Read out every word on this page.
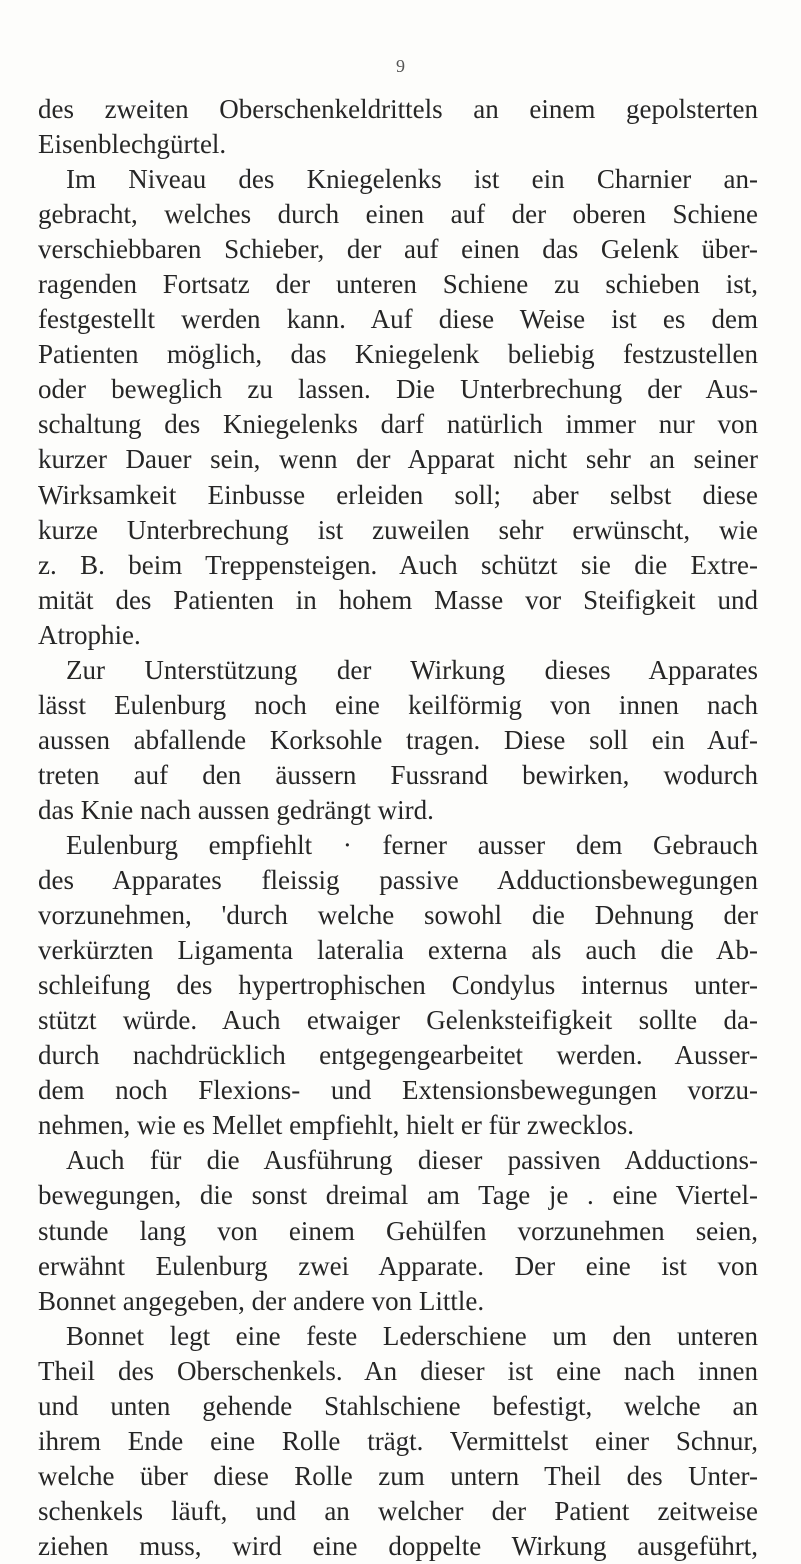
9
des zweiten Oberschenkeldrittels an einem gepolsterten
Eisenblechgürtel.
Im Niveau des Kniegelenks ist ein Charnier an-
gebracht, welches durch einen auf der oberen Schiene
verschiebbaren Schieber, der auf einen das Gelenk über-
ragenden Fortsatz der unteren Schiene zu schieben ist,
festgestellt werden kann. Auf diese Weise ist es dem
Patienten möglich, das Kniegelenk beliebig festzustellen
oder beweglich zu lassen. Die Unterbrechung der Aus-
schaltung des Kniegelenks darf natürlich immer nur von
kurzer Dauer sein, wenn der Apparat nicht sehr an seiner
Wirksamkeit Einbusse erleiden soll; aber selbst diese
kurze Unterbrechung ist zuweilen sehr erwünscht, wie
z. B. beim Treppensteigen. Auch schützt sie die Extre-
mität des Patienten in hohem Masse vor Steifigkeit und
Atrophie.
Zur Unterstützung der Wirkung dieses Apparates
lässt Eulenburg noch eine keilförmig von innen nach
aussen abfallende Korksohle tragen. Diese soll ein Auf-
treten auf den äussern Fussrand bewirken, wodurch
das Knie nach aussen gedrängt wird.
Eulenburg empfiehlt · ferner ausser dem Gebrauch
des Apparates fleissig passive Adductionsbewegungen
vorzunehmen, 'durch welche sowohl die Dehnung der
verkürzten Ligamenta lateralia externa als auch die Ab-
schleifung des hypertrophischen Condylus internus unter-
stützt würde. Auch etwaiger Gelenksteifigkeit sollte da-
durch nachdrücklich entgegengearbeitet werden. Ausser-
dem noch Flexions- und Extensionsbewegungen vorzu-
nehmen, wie es Mellet empfiehlt, hielt er für zwecklos.
Auch für die Ausführung dieser passiven Adductions-
bewegungen, die sonst dreimal am Tage je . eine Viertel-
stunde lang von einem Gehülfen vorzunehmen seien,
erwähnt Eulenburg zwei Apparate. Der eine ist von
Bonnet angegeben, der andere von Little.
Bonnet legt eine feste Lederschiene um den unteren
Theil des Oberschenkels. An dieser ist eine nach innen
und unten gehende Stahlschiene befestigt, welche an
ihrem Ende eine Rolle trägt. Vermittelst einer Schnur,
welche über diese Rolle zum untern Theil des Unter-
schenkels läuft, und an welcher der Patient zeitweise
ziehen muss, wird eine doppelte Wirkung ausgeführt,
